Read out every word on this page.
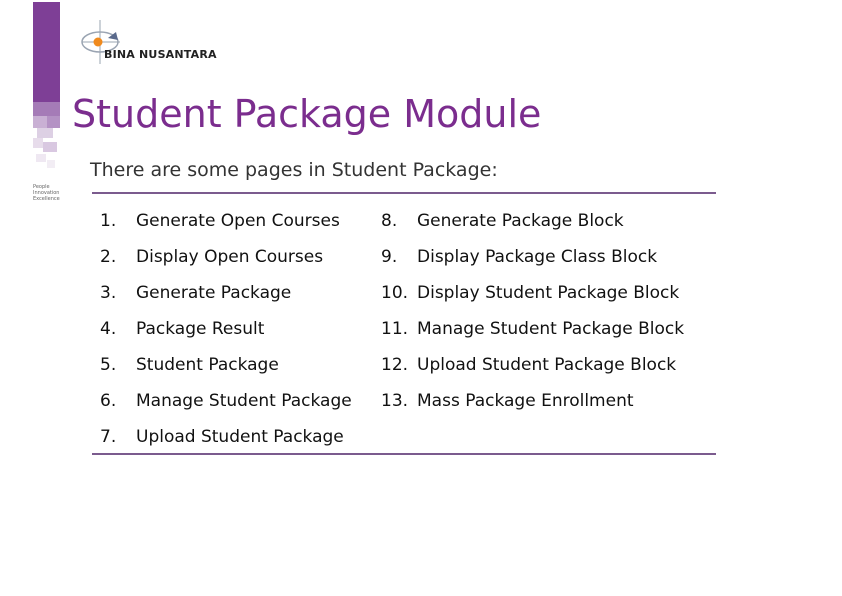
People
Innovation
Excellence
BINA NUSANTARA
Student Package Module
There are some pages in Student Package:
1. Generate Open Courses
2. Display Open Courses
3. Generate Package
4. Package Result
5. Student Package
6. Manage Student Package
7. Upload Student Package
8. Generate Package Block
9. Display Package Class Block
10. Display Student Package Block
11. Manage Student Package Block
12. Upload Student Package Block
13. Mass Package Enrollment
